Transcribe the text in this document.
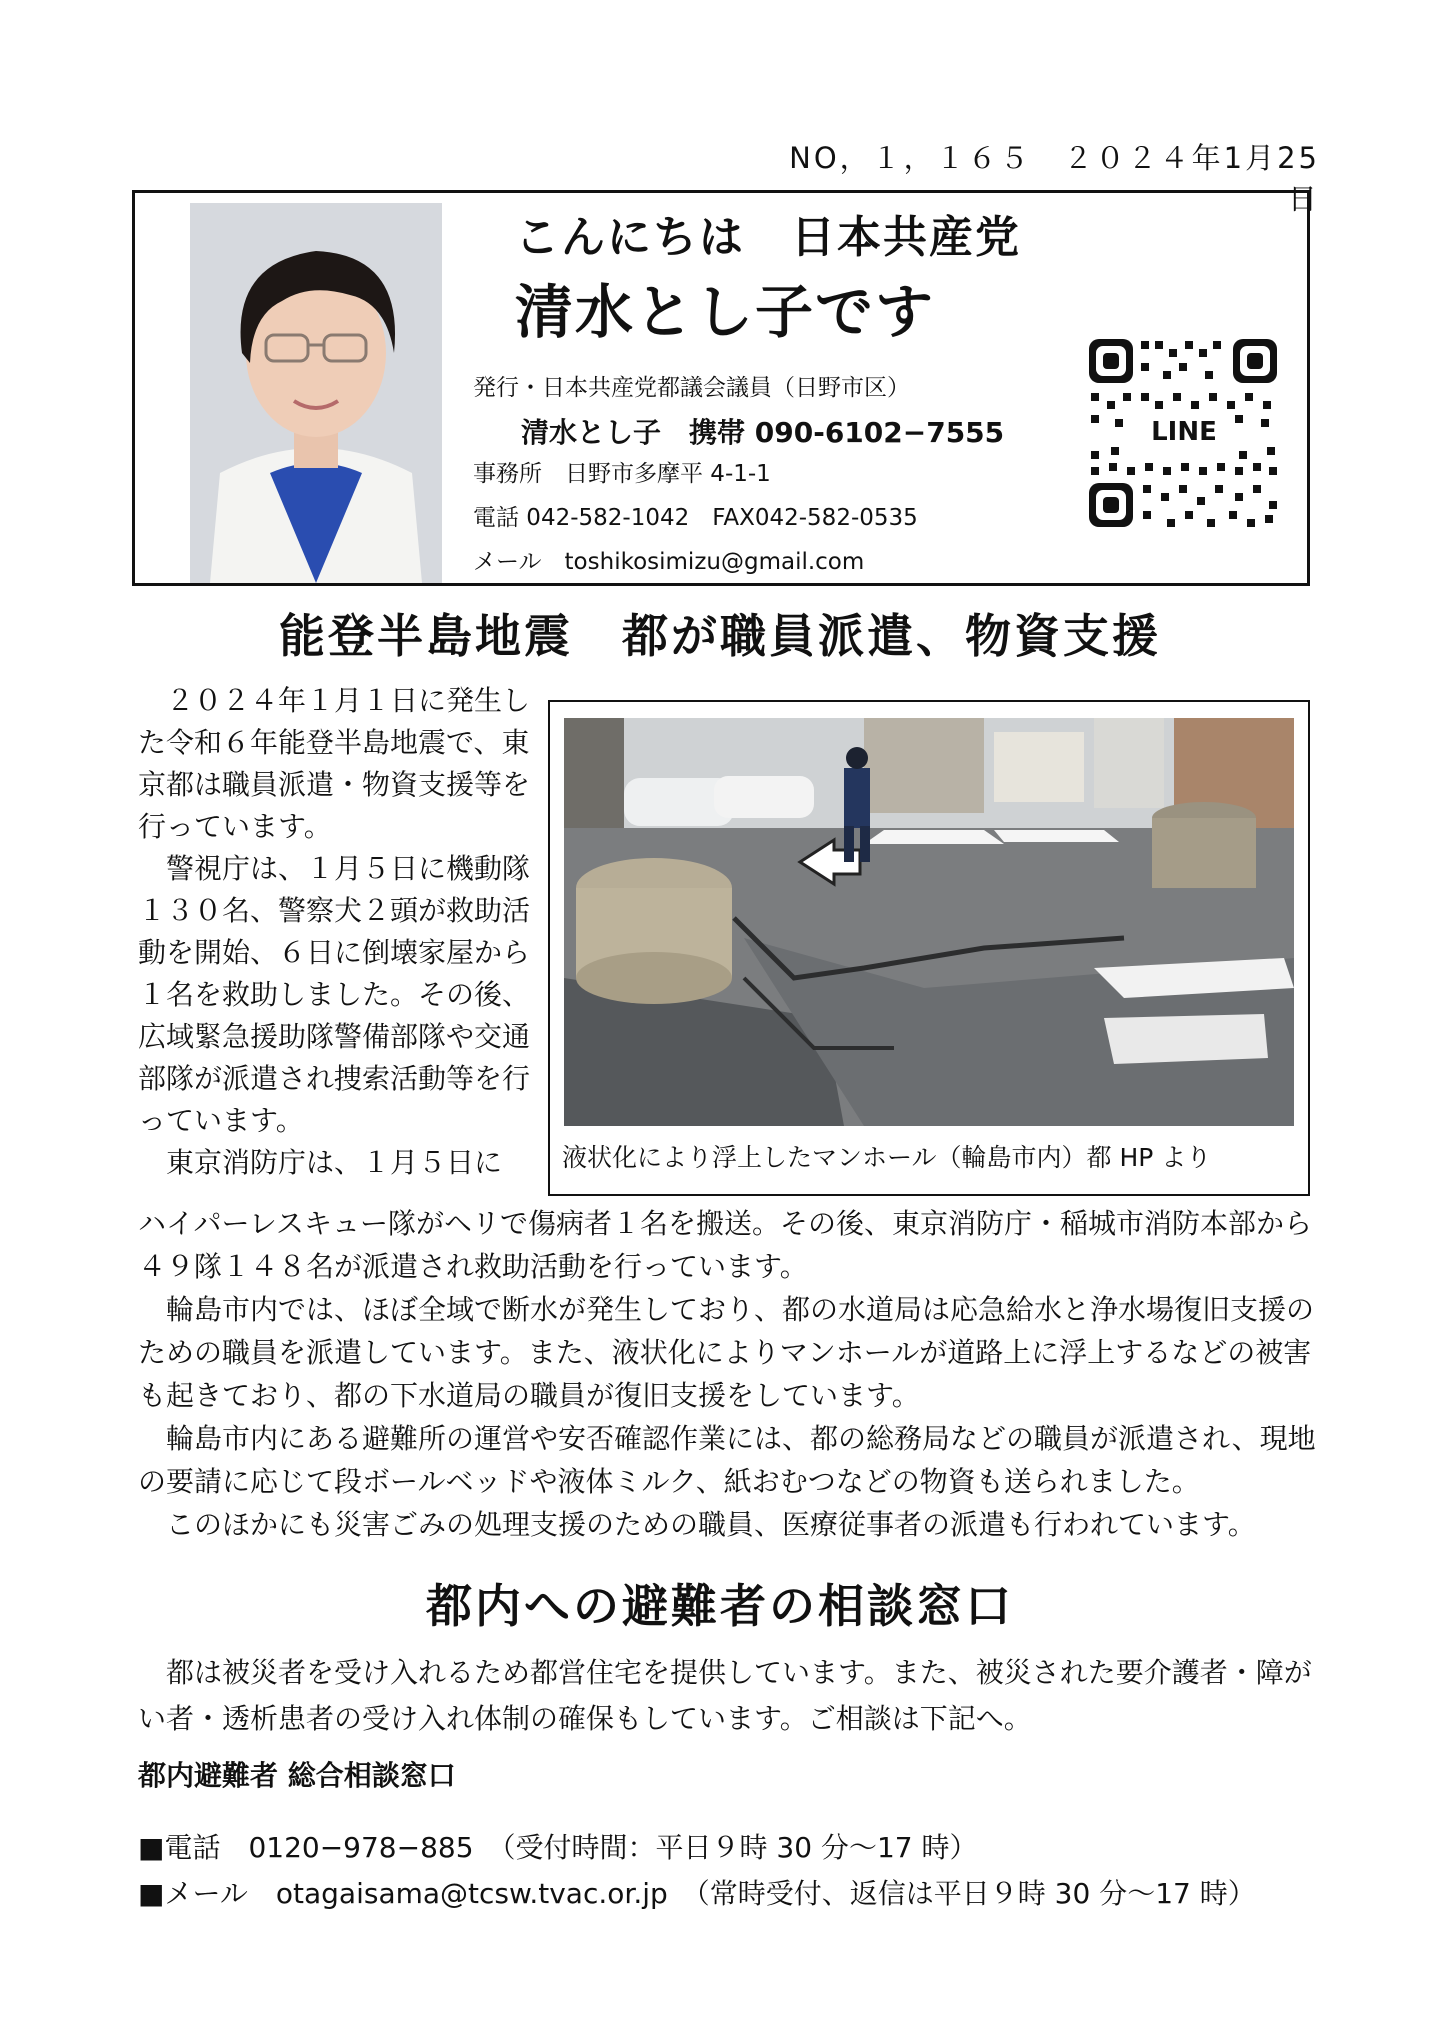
NO，１，１６５　２０２４年1月25日
こんにちは　日本共産党
清水とし子です
発行・日本共産党都議会議員（日野市区）
清水とし子　携帯 090-6102−7555
事務所　日野市多摩平 4-1-1
電話 042-582-1042　FAX042-582-0535
メール　toshikosimizu@gmail.com
LINE
能登半島地震　都が職員派遣、物資支援

　２０２４年１月１日に発生した令和６年能登半島地震で、東京都は職員派遣・物資支援等を行っています。

　警視庁は、１月５日に機動隊１３０名、警察犬２頭が救助活動を開始、６日に倒壊家屋から１名を救助しました。その後、広域緊急援助隊警備部隊や交通部隊が派遣され捜索活動等を行っています。

　東京消防庁は、１月５日に	液状化により浮上したマンホール（輪島市内）都 HP より

ハイパーレスキュー隊がヘリで傷病者１名を搬送。その後、東京消防庁・稲城市消防本部から４９隊１４８名が派遣され救助活動を行っています。

　輪島市内では、ほぼ全域で断水が発生しており、都の水道局は応急給水と浄水場復旧支援のための職員を派遣しています。また、液状化によりマンホールが道路上に浮上するなどの被害も起きており、都の下水道局の職員が復旧支援をしています。

　輪島市内にある避難所の運営や安否確認作業には、都の総務局などの職員が派遣され、現地の要請に応じて段ボールベッドや液体ミルク、紙おむつなどの物資も送られました。

　このほかにも災害ごみの処理支援のための職員、医療従事者の派遣も行われています。

都内への避難者の相談窓口

　都は被災者を受け入れるため都営住宅を提供しています。また、被災された要介護者・障がい者・透析患者の受け入れ体制の確保もしています。ご相談は下記へ。

都内避難者 総合相談窓口
■電話　0120−978−885　（受付時間：平日９時 30 分〜17 時）
■メール　otagaisama@tcsw.tvac.or.jp　（常時受付、返信は平日９時 30 分〜17 時）
